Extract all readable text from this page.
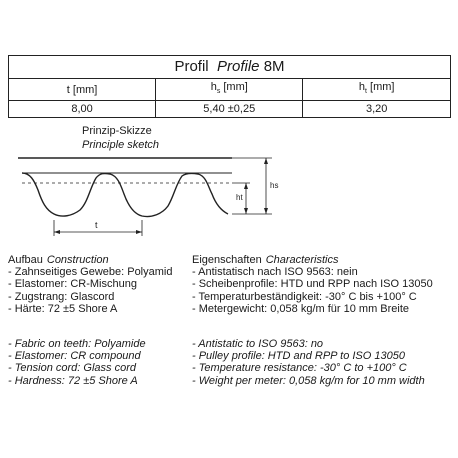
Profil Profile 8M		
t [mm]	$h_s$ [mm]	$h_t$ [mm]
8,00	5,40 ±0,25	3,20
Prinzip-Skizze
Principle sketch
t
ht
hs
Aufbau Construction
- Zahnseitiges Gewebe: Polyamid
- Elastomer: CR-Mischung
- Zugstrang: Glascord
- Härte: 72 ±5 Shore A
Eigenschaften Characteristics
- Antistatisch nach ISO 9563: nein
- Scheibenprofile: HTD und RPP nach ISO 13050
- Temperaturbeständigkeit: -30° C bis +100° C
- Metergewicht: 0,058 kg/m für 10 mm Breite
- Fabric on teeth: Polyamide
- Elastomer: CR compound
- Tension cord: Glass cord
- Hardness: 72 ±5 Shore A
- Antistatic to ISO 9563: no
- Pulley profile: HTD and RPP to ISO 13050
- Temperature resistance: -30° C to +100° C
- Weight per meter: 0,058 kg/m for 10 mm width
